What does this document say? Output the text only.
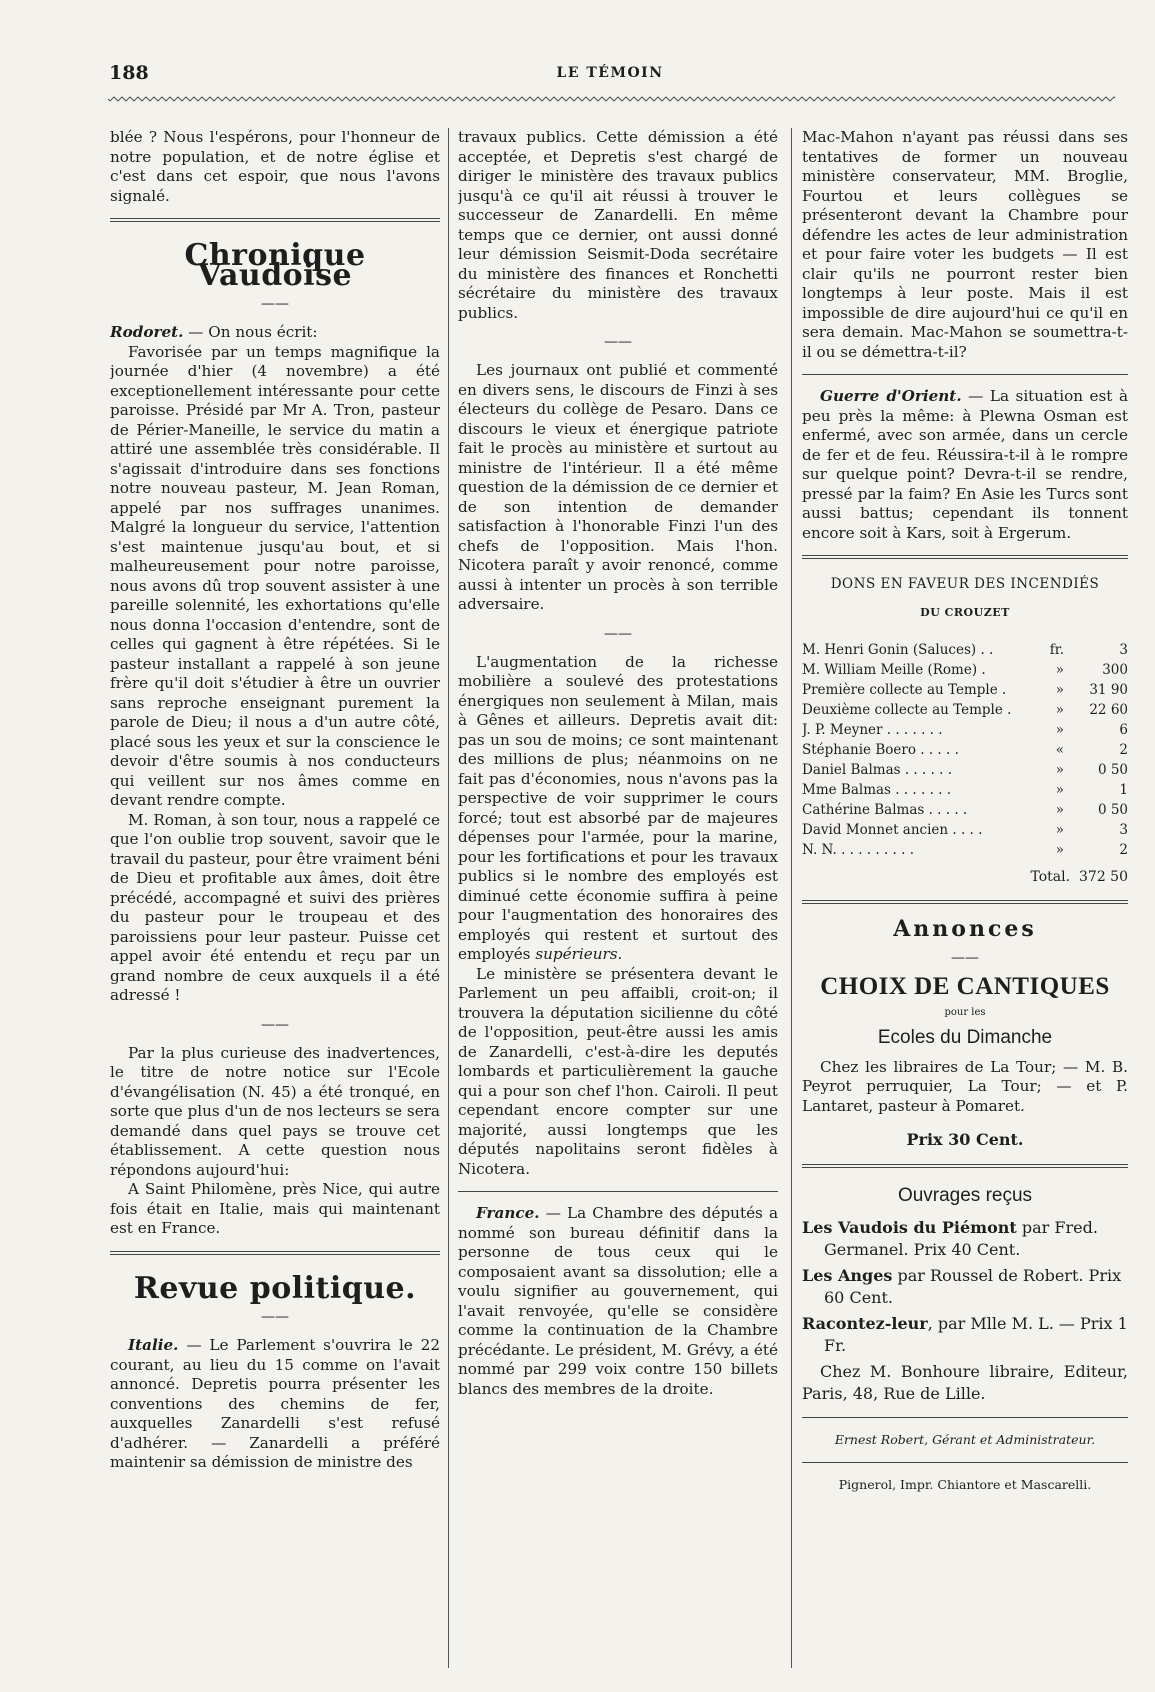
188	LE TÉMOIN

blée ? Nous l'espérons, pour l'honneur de notre population, et de notre église et c'est dans cet espoir, que nous l'avons signalé.

Chronique Vaudoise
——

Rodoret. — On nous écrit:

Favorisée par un temps magnifique la journée d'hier (4 novembre) a été exceptionellement intéressante pour cette paroisse. Présidé par Mr A. Tron, pasteur de Périer-Maneille, le service du matin a attiré une assemblée très considérable. Il s'agissait d'introduire dans ses fonctions notre nouveau pasteur, M. Jean Roman, appelé par nos suffrages unanimes. Malgré la longueur du service, l'attention s'est maintenue jusqu'au bout, et si malheureusement pour notre paroisse, nous avons dû trop souvent assister à une pareille solennité, les exhortations qu'elle nous donna l'occasion d'entendre, sont de celles qui gagnent à être répétées. Si le pasteur installant a rappelé à son jeune frère qu'il doit s'étudier à être un ouvrier sans reproche enseignant purement la parole de Dieu; il nous a d'un autre côté, placé sous les yeux et sur la conscience le devoir d'être soumis à nos conducteurs qui veillent sur nos âmes comme en devant rendre compte.

M. Roman, à son tour, nous a rappelé ce que l'on oublie trop souvent, savoir que le travail du pasteur, pour être vraiment béni de Dieu et profitable aux âmes, doit être précédé, accompagné et suivi des prières du pasteur pour le troupeau et des paroissiens pour leur pasteur. Puisse cet appel avoir été entendu et reçu par un grand nombre de ceux auxquels il a été adressé !

——

Par la plus curieuse des inadvertences, le titre de notre notice sur l'Ecole d'évangélisation (N. 45) a été tronqué, en sorte que plus d'un de nos lecteurs se sera demandé dans quel pays se trouve cet établissement. A cette question nous répondons aujourd'hui:

A Saint Philomène, près Nice, qui autre fois était en Italie, mais qui maintenant est en France.

Revue politique.
——

Italie. — Le Parlement s'ouvrira le 22 courant, au lieu du 15 comme on l'avait annoncé. Depretis pourra présenter les conventions des chemins de fer, auxquelles Zanardelli s'est refusé d'adhérer. — Zanardelli a préféré maintenir sa démission de ministre des

travaux publics. Cette démission a été acceptée, et Depretis s'est chargé de diriger le ministère des travaux publics jusqu'à ce qu'il ait réussi à trouver le successeur de Zanardelli. En même temps que ce dernier, ont aussi donné leur démission Seismit-Doda secrétaire du ministère des finances et Ronchetti sécrétaire du ministère des travaux publics.

——

Les journaux ont publié et commenté en divers sens, le discours de Finzi à ses électeurs du collège de Pesaro. Dans ce discours le vieux et énergique patriote fait le procès au ministère et surtout au ministre de l'intérieur. Il a été même question de la démission de ce dernier et de son intention de demander satisfaction à l'honorable Finzi l'un des chefs de l'opposition. Mais l'hon. Nicotera paraît y avoir renoncé, comme aussi à intenter un procès à son terrible adversaire.

——

L'augmentation de la richesse mobilière a soulevé des protestations énergiques non seulement à Milan, mais à Gênes et ailleurs. Depretis avait dit: pas un sou de moins; ce sont maintenant des millions de plus; néanmoins on ne fait pas d'économies, nous n'avons pas la perspective de voir supprimer le cours forcé; tout est absorbé par de majeures dépenses pour l'armée, pour la marine, pour les fortifications et pour les travaux publics si le nombre des employés est diminué cette économie suffira à peine pour l'augmentation des honoraires des employés qui restent et surtout des employés supérieurs.

Le ministère se présentera devant le Parlement un peu affaibli, croit-on; il trouvera la députation sicilienne du côté de l'opposition, peut-être aussi les amis de Zanardelli, c'est-à-dire les deputés lombards et particulièrement la gauche qui a pour son chef l'hon. Cairoli. Il peut cependant encore compter sur une majorité, aussi longtemps que les députés napolitains seront fidèles à Nicotera.

France. — La Chambre des députés a nommé son bureau définitif dans la personne de tous ceux qui le composaient avant sa dissolution; elle a voulu signifier au gouvernement, qui l'avait renvoyée, qu'elle se considère comme la continuation de la Chambre précédante. Le président, M. Grévy, a été nommé par 299 voix contre 150 billets blancs des membres de la droite.

Mac-Mahon n'ayant pas réussi dans ses tentatives de former un nouveau ministère conservateur, MM. Broglie, Fourtou et leurs collègues se présenteront devant la Chambre pour défendre les actes de leur administration et pour faire voter les budgets — Il est clair qu'ils ne pourront rester bien longtemps à leur poste. Mais il est impossible de dire aujourd'hui ce qu'il en sera demain. Mac-Mahon se soumettra-t-il ou se démettra-t-il?

Guerre d'Orient. — La situation est à peu près la même: à Plewna Osman est enfermé, avec son armée, dans un cercle de fer et de feu. Réussira-t-il à le rompre sur quelque point? Devra-t-il se rendre, pressé par la faim? En Asie les Turcs sont aussi battus; cependant ils tonnent encore soit à Kars, soit à Ergerum.

DONS EN FAVEUR DES INCENDIÉS
DU CROUZET
M. Henri Gonin (Saluces) . .	fr.	3
M. William Meille (Rome) .	»	300
Première collecte au Temple .	»	31 90
Deuxième collecte au Temple .	»	22 60
J. P. Meyner . . . . . . .	»	6
Stéphanie Boero . . . . .	«	2
Daniel Balmas . . . . . .	»	0 50
Mme Balmas . . . . . . .	»	1
Cathérine Balmas . . . . .	»	0 50
David Monnet ancien . . . .	»	3
N. N. . . . . . . . . .	»	2
Total. 372 50
Annonces
——
CHOIX DE CANTIQUES
pour les
Ecoles du Dimanche

Chez les libraires de La Tour; — M. B. Peyrot perruquier, La Tour; — et P. Lantaret, pasteur à Pomaret.

Prix 30 Cent.
Ouvrages reçus

Les Vaudois du Piémont par Fred. Germanel. Prix 40 Cent.

Les Anges par Roussel de Robert. Prix 60 Cent.

Racontez-leur, par Mlle M. L. — Prix 1 Fr.

Chez M. Bonhoure libraire, Editeur, Paris, 48, Rue de Lille.

Ernest Robert, Gérant et Administrateur.
Pignerol, Impr. Chiantore et Mascarelli.
